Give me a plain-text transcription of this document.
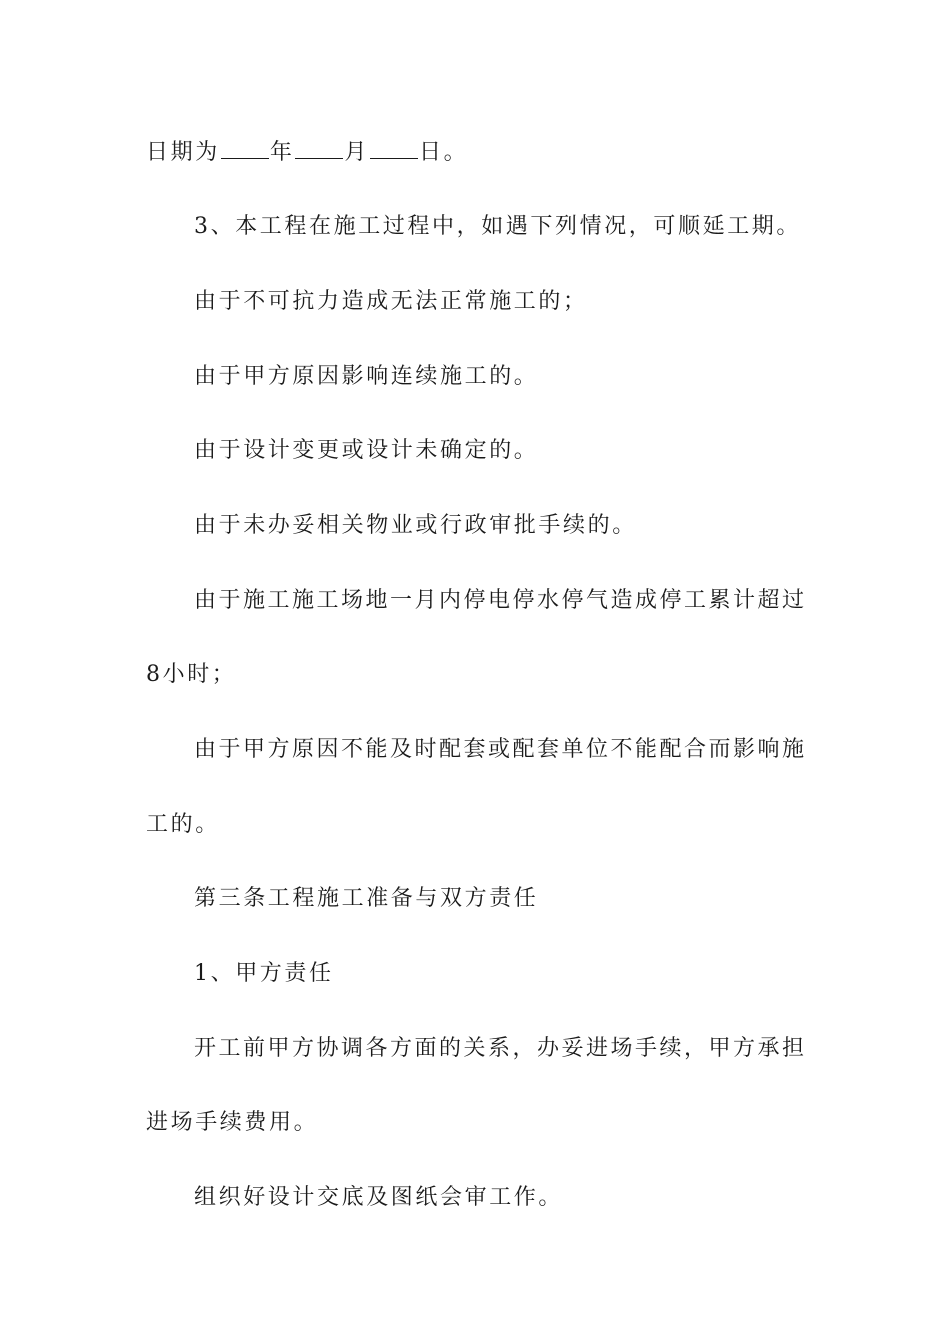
日期为 年 月 日。
3、本工程在施工过程中，如遇下列情况，可顺延工期。
由于不可抗力造成无法正常施工的；
由于甲方原因影响连续施工的。
由于设计变更或设计未确定的。
由于未办妥相关物业或行政审批手续的。
由于施工施工场地一月内停电停水停气造成停工累计超过
8小时；
由于甲方原因不能及时配套或配套单位不能配合而影响施
工的。
第三条工程施工准备与双方责任
1、甲方责任
开工前甲方协调各方面的关系，办妥进场手续，甲方承担
进场手续费用。
组织好设计交底及图纸会审工作。
